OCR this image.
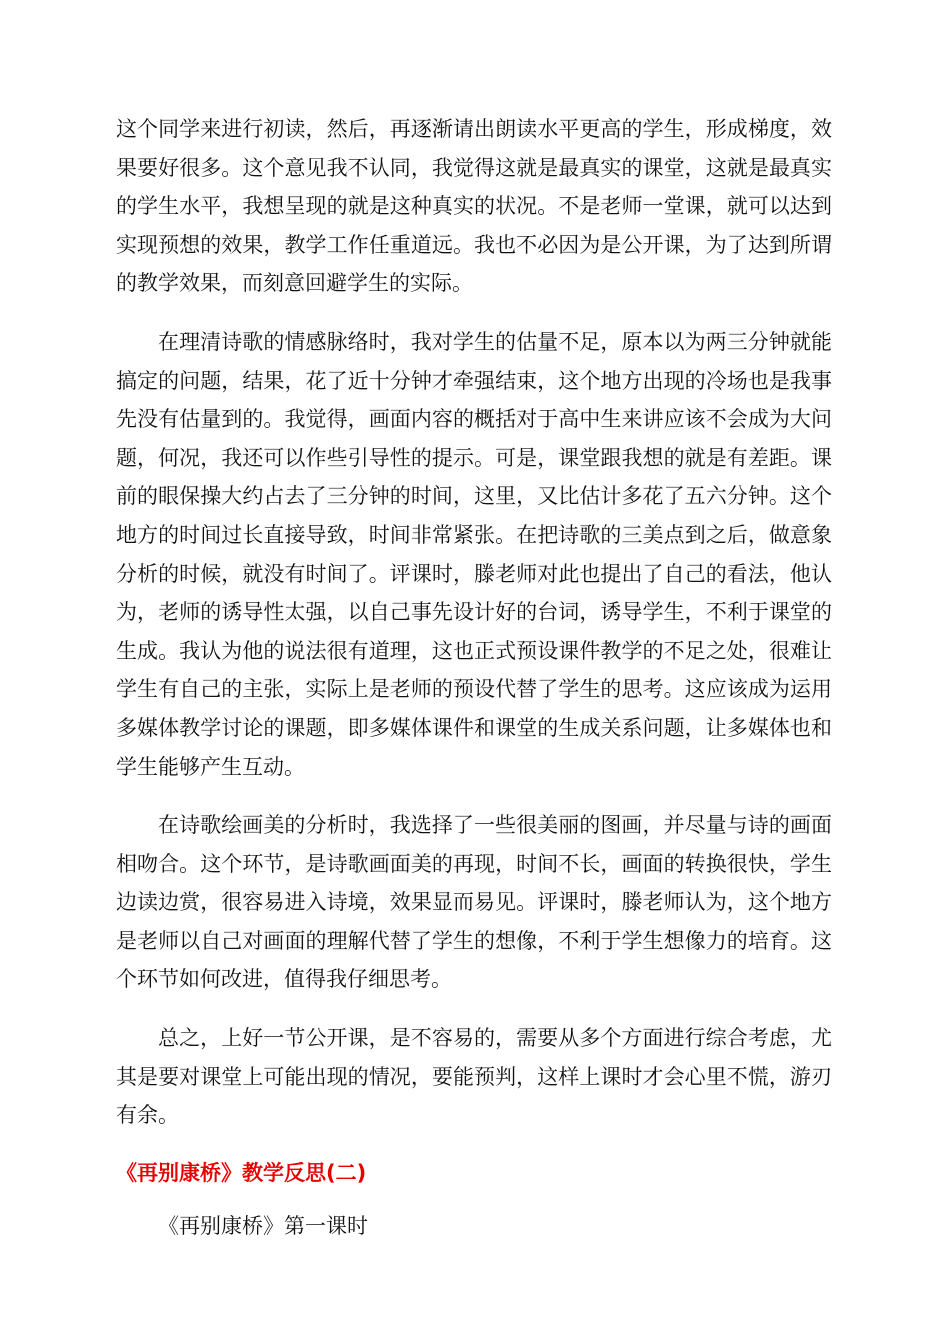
这个同学来进行初读，然后，再逐渐请出朗读水平更高的学生，形成梯度，效果要好很多。这个意见我不认同，我觉得这就是最真实的课堂，这就是最真实的学生水平，我想呈现的就是这种真实的状况。不是老师一堂课，就可以达到实现预想的效果，教学工作任重道远。我也不必因为是公开课，为了达到所谓的教学效果，而刻意回避学生的实际。

在理清诗歌的情感脉络时，我对学生的估量不足，原本以为两三分钟就能搞定的问题，结果，花了近十分钟才牵强结束，这个地方出现的冷场也是我事先没有估量到的。我觉得，画面内容的概括对于高中生来讲应该不会成为大问题，何况，我还可以作些引导性的提示。可是，课堂跟我想的就是有差距。课前的眼保操大约占去了三分钟的时间，这里，又比估计多花了五六分钟。这个地方的时间过长直接导致，时间非常紧张。在把诗歌的三美点到之后，做意象分析的时候，就没有时间了。评课时，滕老师对此也提出了自己的看法，他认为，老师的诱导性太强，以自己事先设计好的台词，诱导学生，不利于课堂的生成。我认为他的说法很有道理，这也正式预设课件教学的不足之处，很难让学生有自己的主张，实际上是老师的预设代替了学生的思考。这应该成为运用多媒体教学讨论的课题，即多媒体课件和课堂的生成关系问题，让多媒体也和学生能够产生互动。

在诗歌绘画美的分析时，我选择了一些很美丽的图画，并尽量与诗的画面相吻合。这个环节，是诗歌画面美的再现，时间不长，画面的转换很快，学生边读边赏，很容易进入诗境，效果显而易见。评课时，滕老师认为，这个地方是老师以自己对画面的理解代替了学生的想像，不利于学生想像力的培育。这个环节如何改进，值得我仔细思考。

总之，上好一节公开课，是不容易的，需要从多个方面进行综合考虑，尤其是要对课堂上可能出现的情况，要能预判，这样上课时才会心里不慌，游刃有余。

《再别康桥》教学反思(二)

《再别康桥》第一课时
